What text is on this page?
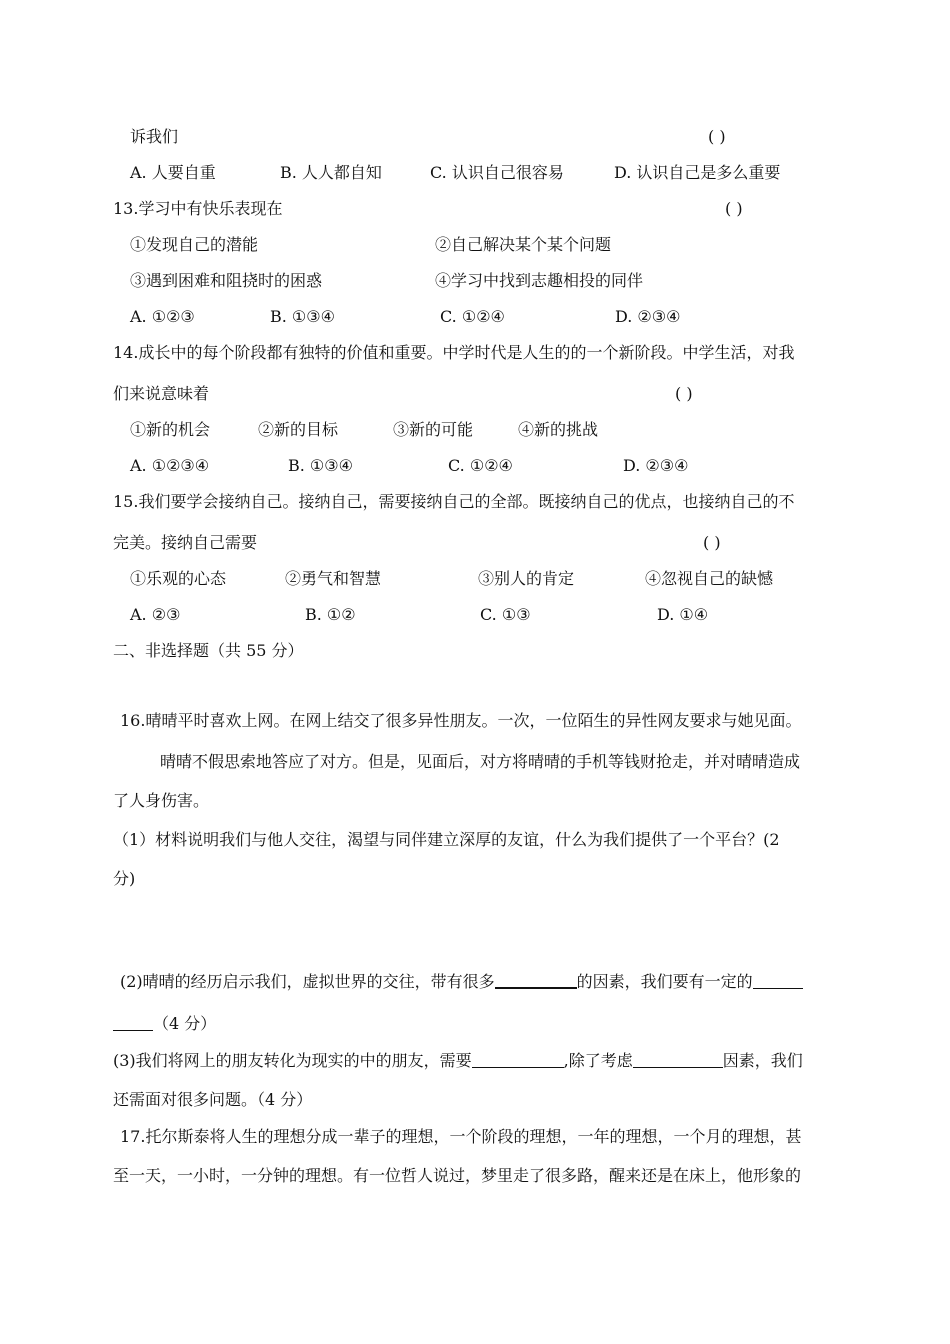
诉我们	( )
A. 人要自重	B. 人人都自知	C. 认识自己很容易	D. 认识自己是多么重要
13.学习中有快乐表现在	( )
①发现自己的潜能	②自己解决某个某个问题
③遇到困难和阻挠时的困惑	④学习中找到志趣相投的同伴
A. ①②③	B. ①③④	C. ①②④	D. ②③④
14.成长中的每个阶段都有独特的价值和重要。中学时代是人生的的一个新阶段。中学生活，对我
们来说意味着	( )
①新的机会	②新的目标	③新的可能	④新的挑战
A. ①②③④	B. ①③④	C. ①②④	D. ②③④
15.我们要学会接纳自己。接纳自己，需要接纳自己的全部。既接纳自己的优点，也接纳自己的不
完美。接纳自己需要	( )
①乐观的心态	②勇气和智慧	③别人的肯定	④忽视自己的缺憾
A. ②③	B. ①②	C. ①③	D. ①④
二、非选择题（共 55 分）
16.晴晴平时喜欢上网。在网上结交了很多异性朋友。一次，一位陌生的异性网友要求与她见面。
晴晴不假思索地答应了对方。但是，见面后，对方将晴晴的手机等钱财抢走，并对晴晴造成
了人身伤害。
（1）材料说明我们与他人交往，渴望与同伴建立深厚的友谊，什么为我们提供了一个平台？(2
分)
(2)晴晴的经历启示我们，虚拟世界的交往，带有很多	的因素，我们要有一定的
（4 分）
(3)我们将网上的朋友转化为现实的中的朋友，需要	,除了考虑	因素，我们
还需面对很多问题。（4 分）
17.托尔斯泰将人生的理想分成一辈子的理想，一个阶段的理想，一年的理想，一个月的理想，甚
至一天，一小时，一分钟的理想。有一位哲人说过，梦里走了很多路，醒来还是在床上，他形象的
